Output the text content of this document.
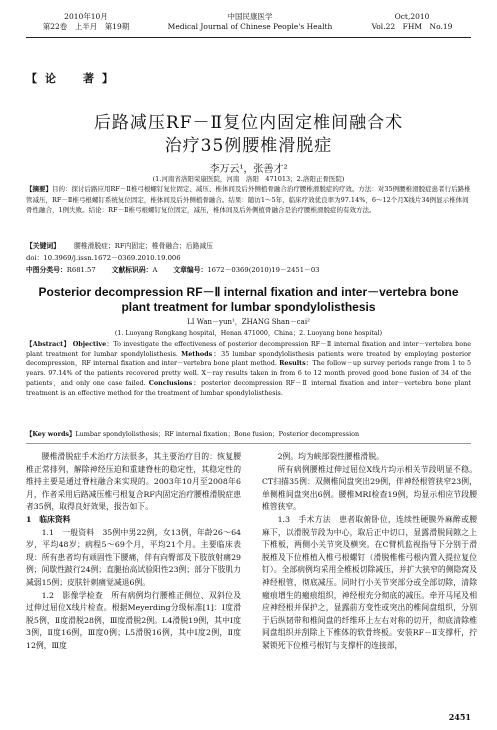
2010年10月
第22卷　上半月　第19期
中国民康医学
Medical Journal of Chinese People's Health
Oct,2010
Vol.22　FHM　No.19
【论　著】
后路减压RF－Ⅱ复位内固定椎间融合术
治疗35例腰椎滑脱症
李万云¹，张善才²
(1.河南省洛阳荣康医院，河南　洛阳　471013；2.洛阳正骨医院)
【摘要】目的：探讨后路应用RF－Ⅱ椎弓根螺钉复位固定、减压、椎体间及后外侧植骨融合治疗腰椎滑脱症的疗效。方法：对35例腰椎滑脱症患者行后路椎管减压，RF－Ⅱ椎弓根螺钉系统复位固定，椎体间及后外侧植骨融合。结果：随访1～5年，临床疗效优良率为97.14%，6～12个月X线片34例显示椎体间骨性融合，1例失败。结论：RF－Ⅱ椎弓根螺钉复位固定，减压，椎体间及后外侧植骨融合是治疗腰椎滑脱症的有效方法。
【关键词】 腰椎滑脱症；RF内固定；椎骨融合；后路减压
doi：10.3969/j.issn.1672－0369.2010.19.006
中图分类号：R681.57 　　 文献标识码：A 　　 文章编号：1672－0369(2010)19－2451－03
Posterior decompression RF－Ⅱ internal fixation and inter－vertebra bone
plant treatment for lumbar spondylolisthesis
LI Wan－yun¹，ZHANG Shan－cai²
(1. Luoyang Rongkang hospital，Henan 471000，China；2. Luoyang bone hospital)
【Abstract】 Objective：To investigate the effectiveness of posterior decompression RF－Ⅱ internal fixation and inter－vertebra bone plant treatment for lumbar spondylolisthesis. Methods：35 lumbar spondylolisthesis patients were treated by employing posterior decompression，RF internal fixation and inter－vertebra bone plant method. Results：The follow－up survey periods range from 1 to 5 years. 97.14% of the patients recovered pretty well. X－ray results taken in from 6 to 12 month proved good bone fusion of 34 of the patients，and only one case failed. Conclusions：posterior decompression RF－Ⅱ internal fixation and inter－vertebra bone plant treatment is an effective method for the treatment of lumbar spondylolisthesis.
【Key words】Lumbar spondylolisthesis；RF internal fixation；Bone fusion；Posterior decompression

腰椎滑脱症手术治疗方法很多，其主要治疗目的：恢复腰椎正常排列，解除神经压迫和重建脊柱的稳定性，其稳定性的维持主要是通过脊柱融合来实现的。2003年10月至2008年6月，作者采用后路减压椎弓根复合RF内固定治疗腰椎滑脱症患者35例，取得良好效果，报告如下。

1　临床资料

1.1　一般资料　 35例中男22例，女13例，年龄26～64岁，平均48岁；病程5～69个月，平均21个月。主要临床表现：所有患者均有顽固性下腰痛，伴有向臀部及下肢放射痛29例；间歇性跛行24例；直腿抬高试验阳性23例；部分下肢肌力减弱15例；皮肤针刺痛觉减退6例。

1.2　影像学检查　 所有病例均行腰椎正侧位、双斜位及过伸过屈位X线片检查。根据Meyerding分级标准[1]：Ⅰ度滑脱5例，Ⅱ度滑脱28例，Ⅲ度滑脱2例。L4滑脱19例，其中Ⅰ度3例，Ⅱ度16例，Ⅲ度0例；L5滑脱16例，其中Ⅰ度2例，Ⅱ度12例，Ⅲ度

2例。均为峡部裂性腰椎滑脱。

所有病例腰椎过伸过屈位X线片均示相关节段明显不稳。CT扫描35例：双侧椎间盘突出29例，伴神经根管狭窄23例，单侧椎间盘突出6例。腰椎MRI检查19例，均显示相应节段腰椎管狭窄。

1.3　手术方法　 患者取俯卧位，连续性硬膜外麻醉或腰麻下，以滑脱节段为中心，取后正中切口，显露滑脱间隙之上下椎板，两侧小关节突及横突。在C臂机监视指导下分别于滑脱椎及下位椎植入椎弓根螺钉（滑脱椎椎弓根内置入提拉复位钉）。全部病例均采用全椎板切除减压，并扩大狭窄的侧隐窝及神经根管，彻底减压。同时行小关节突部分或全部切除，清除瘢痕增生的瘢痕组织，神经根充分彻底的减压。牵开马尾及相应神经根并保护之，显露前方变性或突出的椎间盘组织，分别于后纵韧带和椎间盘的纤维环上左右对称的切开，彻底清除椎间盘组织并刮除上下椎体的软骨终板。安装RF－Ⅱ支撑杆，拧紧锁死下位椎弓根钉与支撑杆的连接部，

2451
